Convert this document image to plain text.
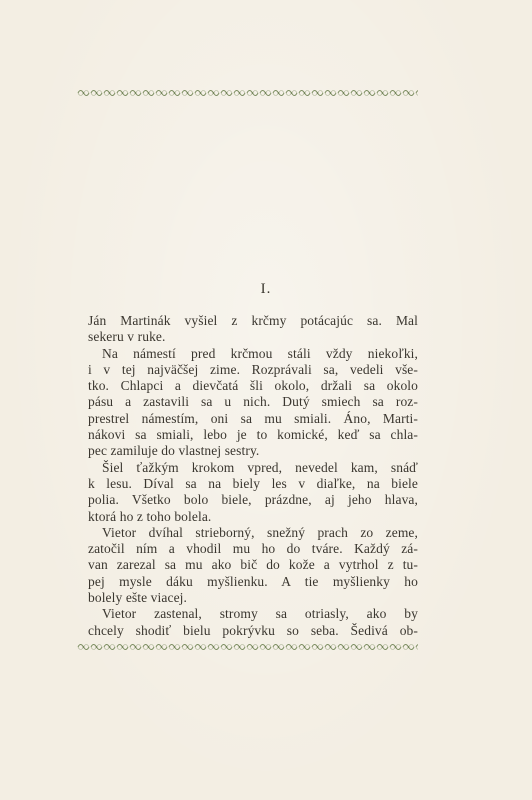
I.

Ján Martinák vyšiel z krčmy potácajúc sa. Mal
sekeru v ruke.

Na námestí pred krčmou stáli vždy niekoľki,
i v tej najväčšej zime. Rozprávali sa, vedeli vše-
tko. Chlapci a dievčatá šli okolo, držali sa okolo
pásu a zastavili sa u nich. Dutý smiech sa roz-
prestrel námestím, oni sa mu smiali. Áno, Marti-
nákovi sa smiali, lebo je to komické, keď sa chla-
pec zamiluje do vlastnej sestry.

Šiel ťažkým krokom vpred, nevedel kam, snáď
k lesu. Díval sa na biely les v diaľke, na biele
polia. Všetko bolo biele, prázdne, aj jeho hlava,
ktorá ho z toho bolela.

Vietor dvíhal strieborný, snežný prach zo zeme,
zatočil ním a vhodil mu ho do tváre. Každý zá-
van zarezal sa mu ako bič do kože a vytrhol z tu-
pej mysle dáku myšlienku. A tie myšlienky ho
bolely ešte viacej.

Vietor zastenal, stromy sa otriasly, ako by
chcely shodiť bielu pokrývku so seba. Šedivá ob-
